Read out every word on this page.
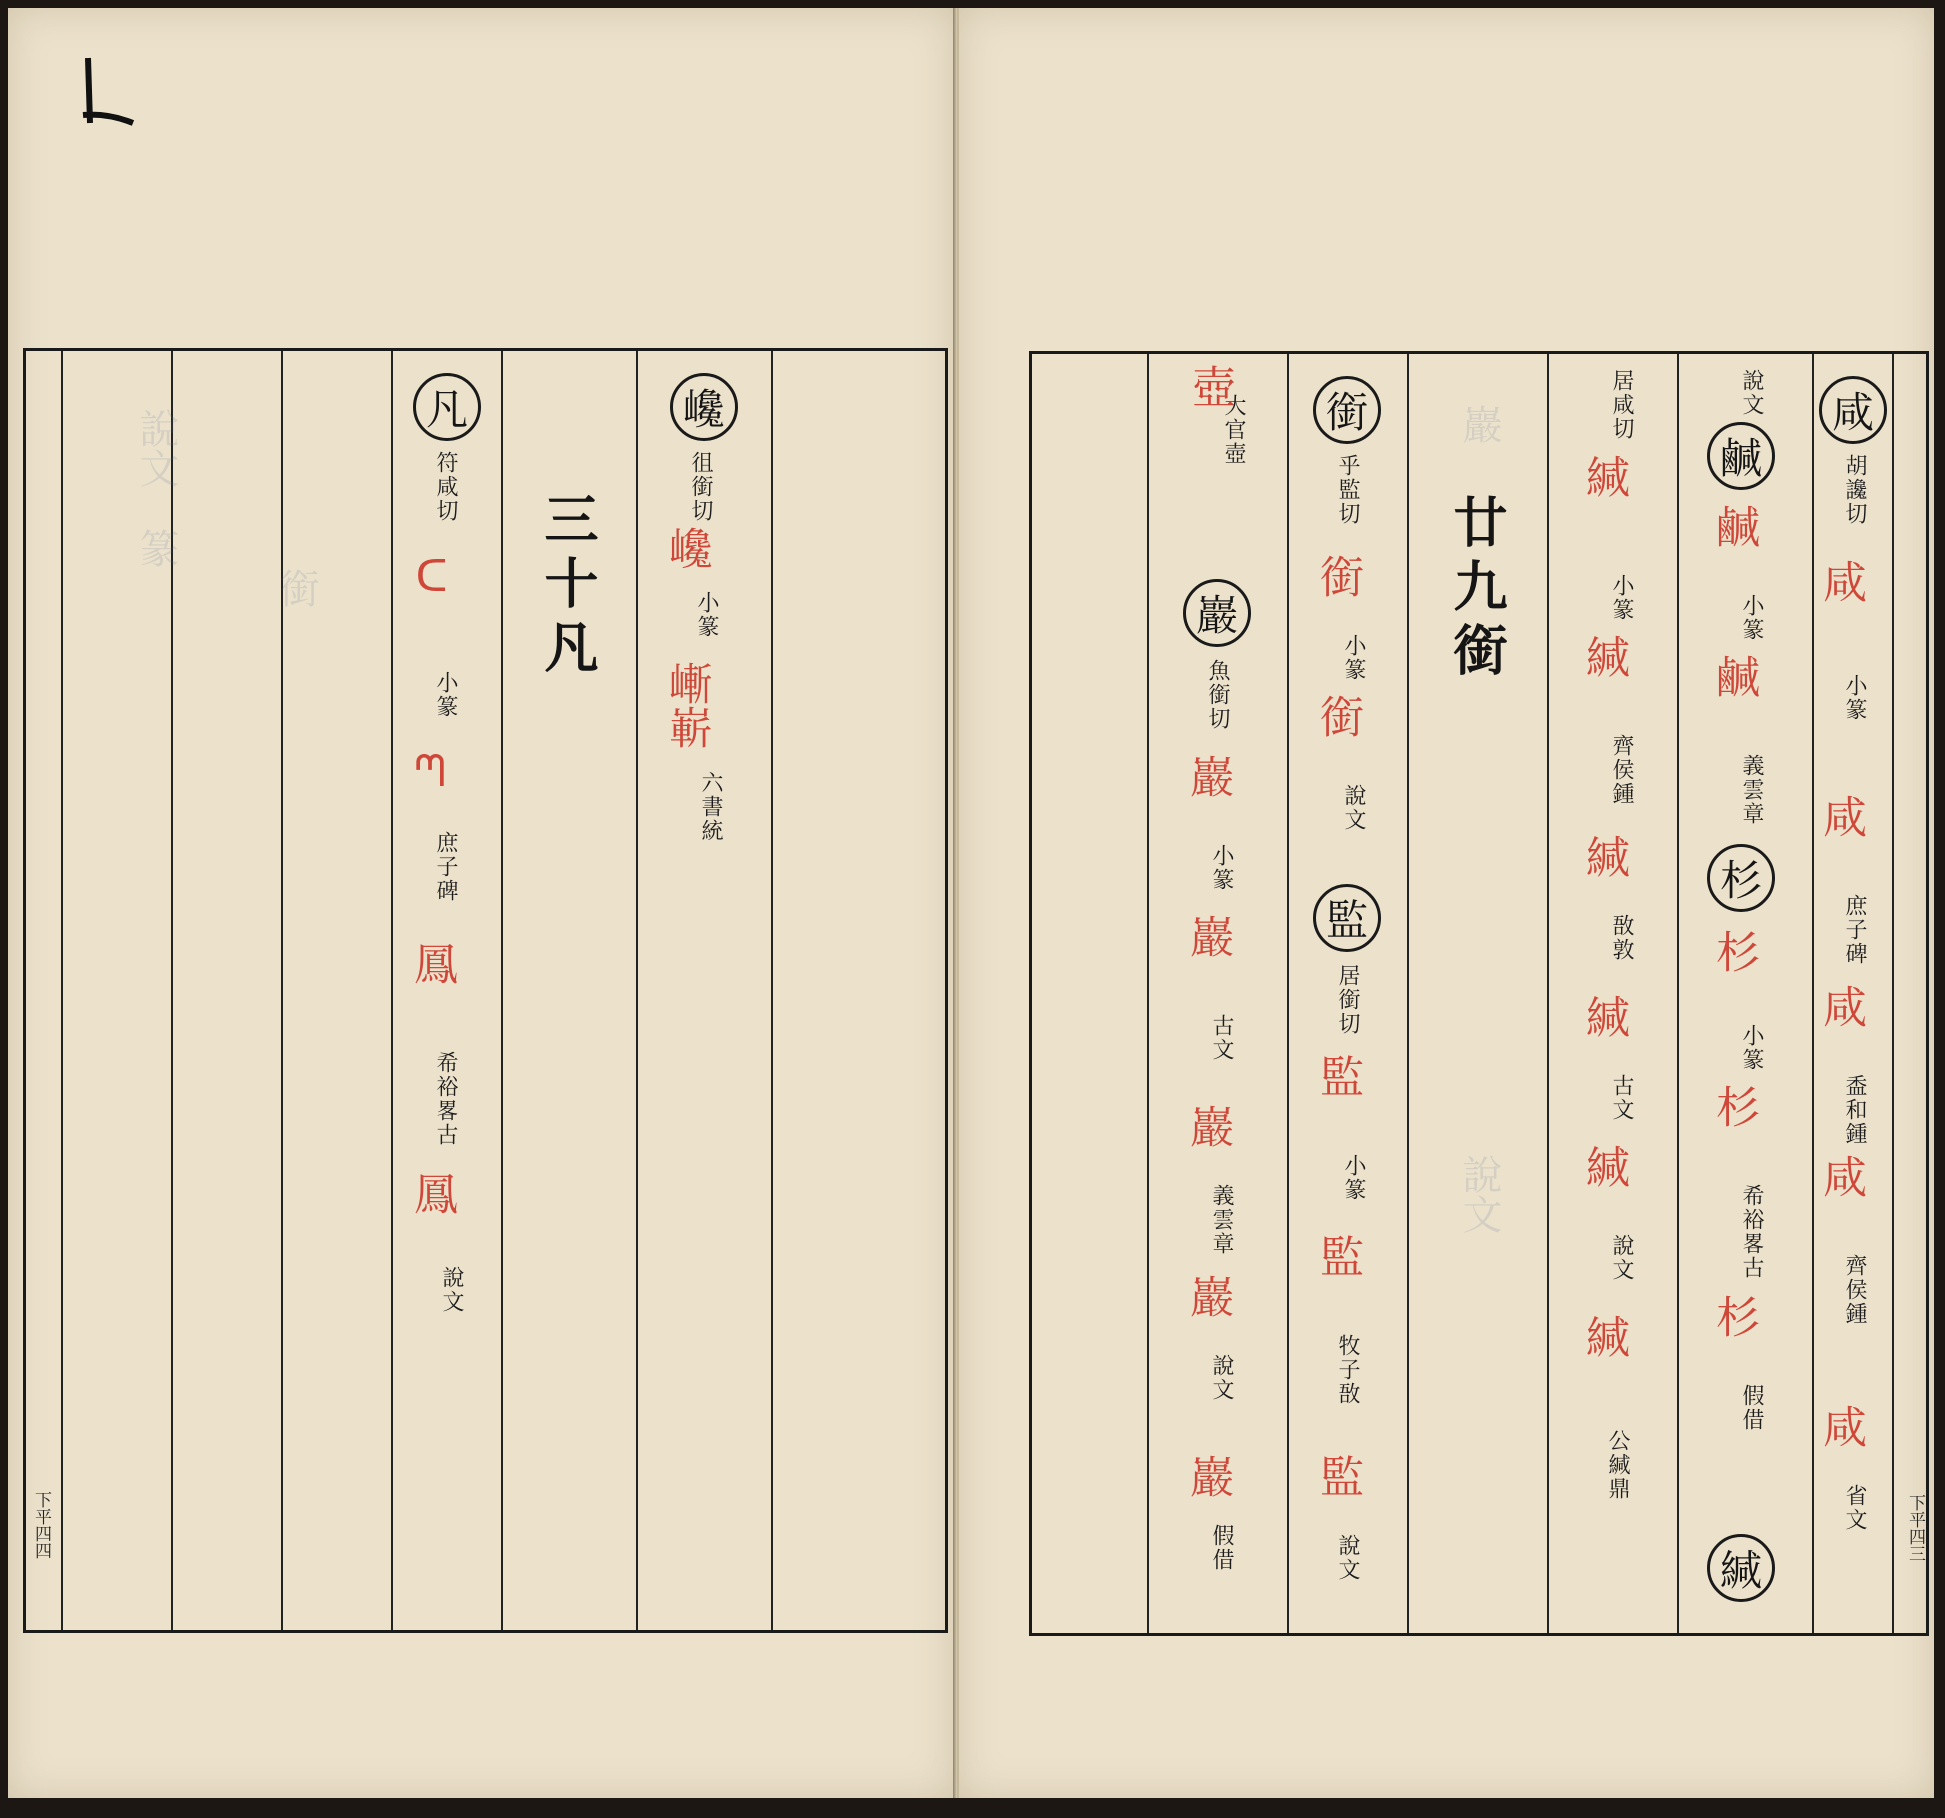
巉
徂銜切
巉
小篆
嶃嶄
六書統
三十凡
凡
符咸切
ᑕ
小篆
ᘉ
庶子碑
鳳
希裕畧古
鳳
說文
下平四四
說文　篆
銜
咸
胡讒切
咸
小篆
咸
庶子碑
咸
盉和鍾
咸
齊侯鍾
咸
省文
說文
鹹
鹹
小篆
鹹
義雲章
杉
杉
小篆
杉
希裕畧古
杉
假借
緘
居咸切
緘
小篆
緘
齊侯鍾
緘
敔敦
緘
古文
緘
說文
緘
公緘鼎
廿九銜
巖
說文
銜
乎監切
銜
小篆
銜
說文
監
居銜切
監
小篆
監
牧子敔
監
說文
壺
大官壺
巖
魚銜切
巖
小篆
巖
古文
巖
義雲章
巖
說文
巖
假借	下平四三
